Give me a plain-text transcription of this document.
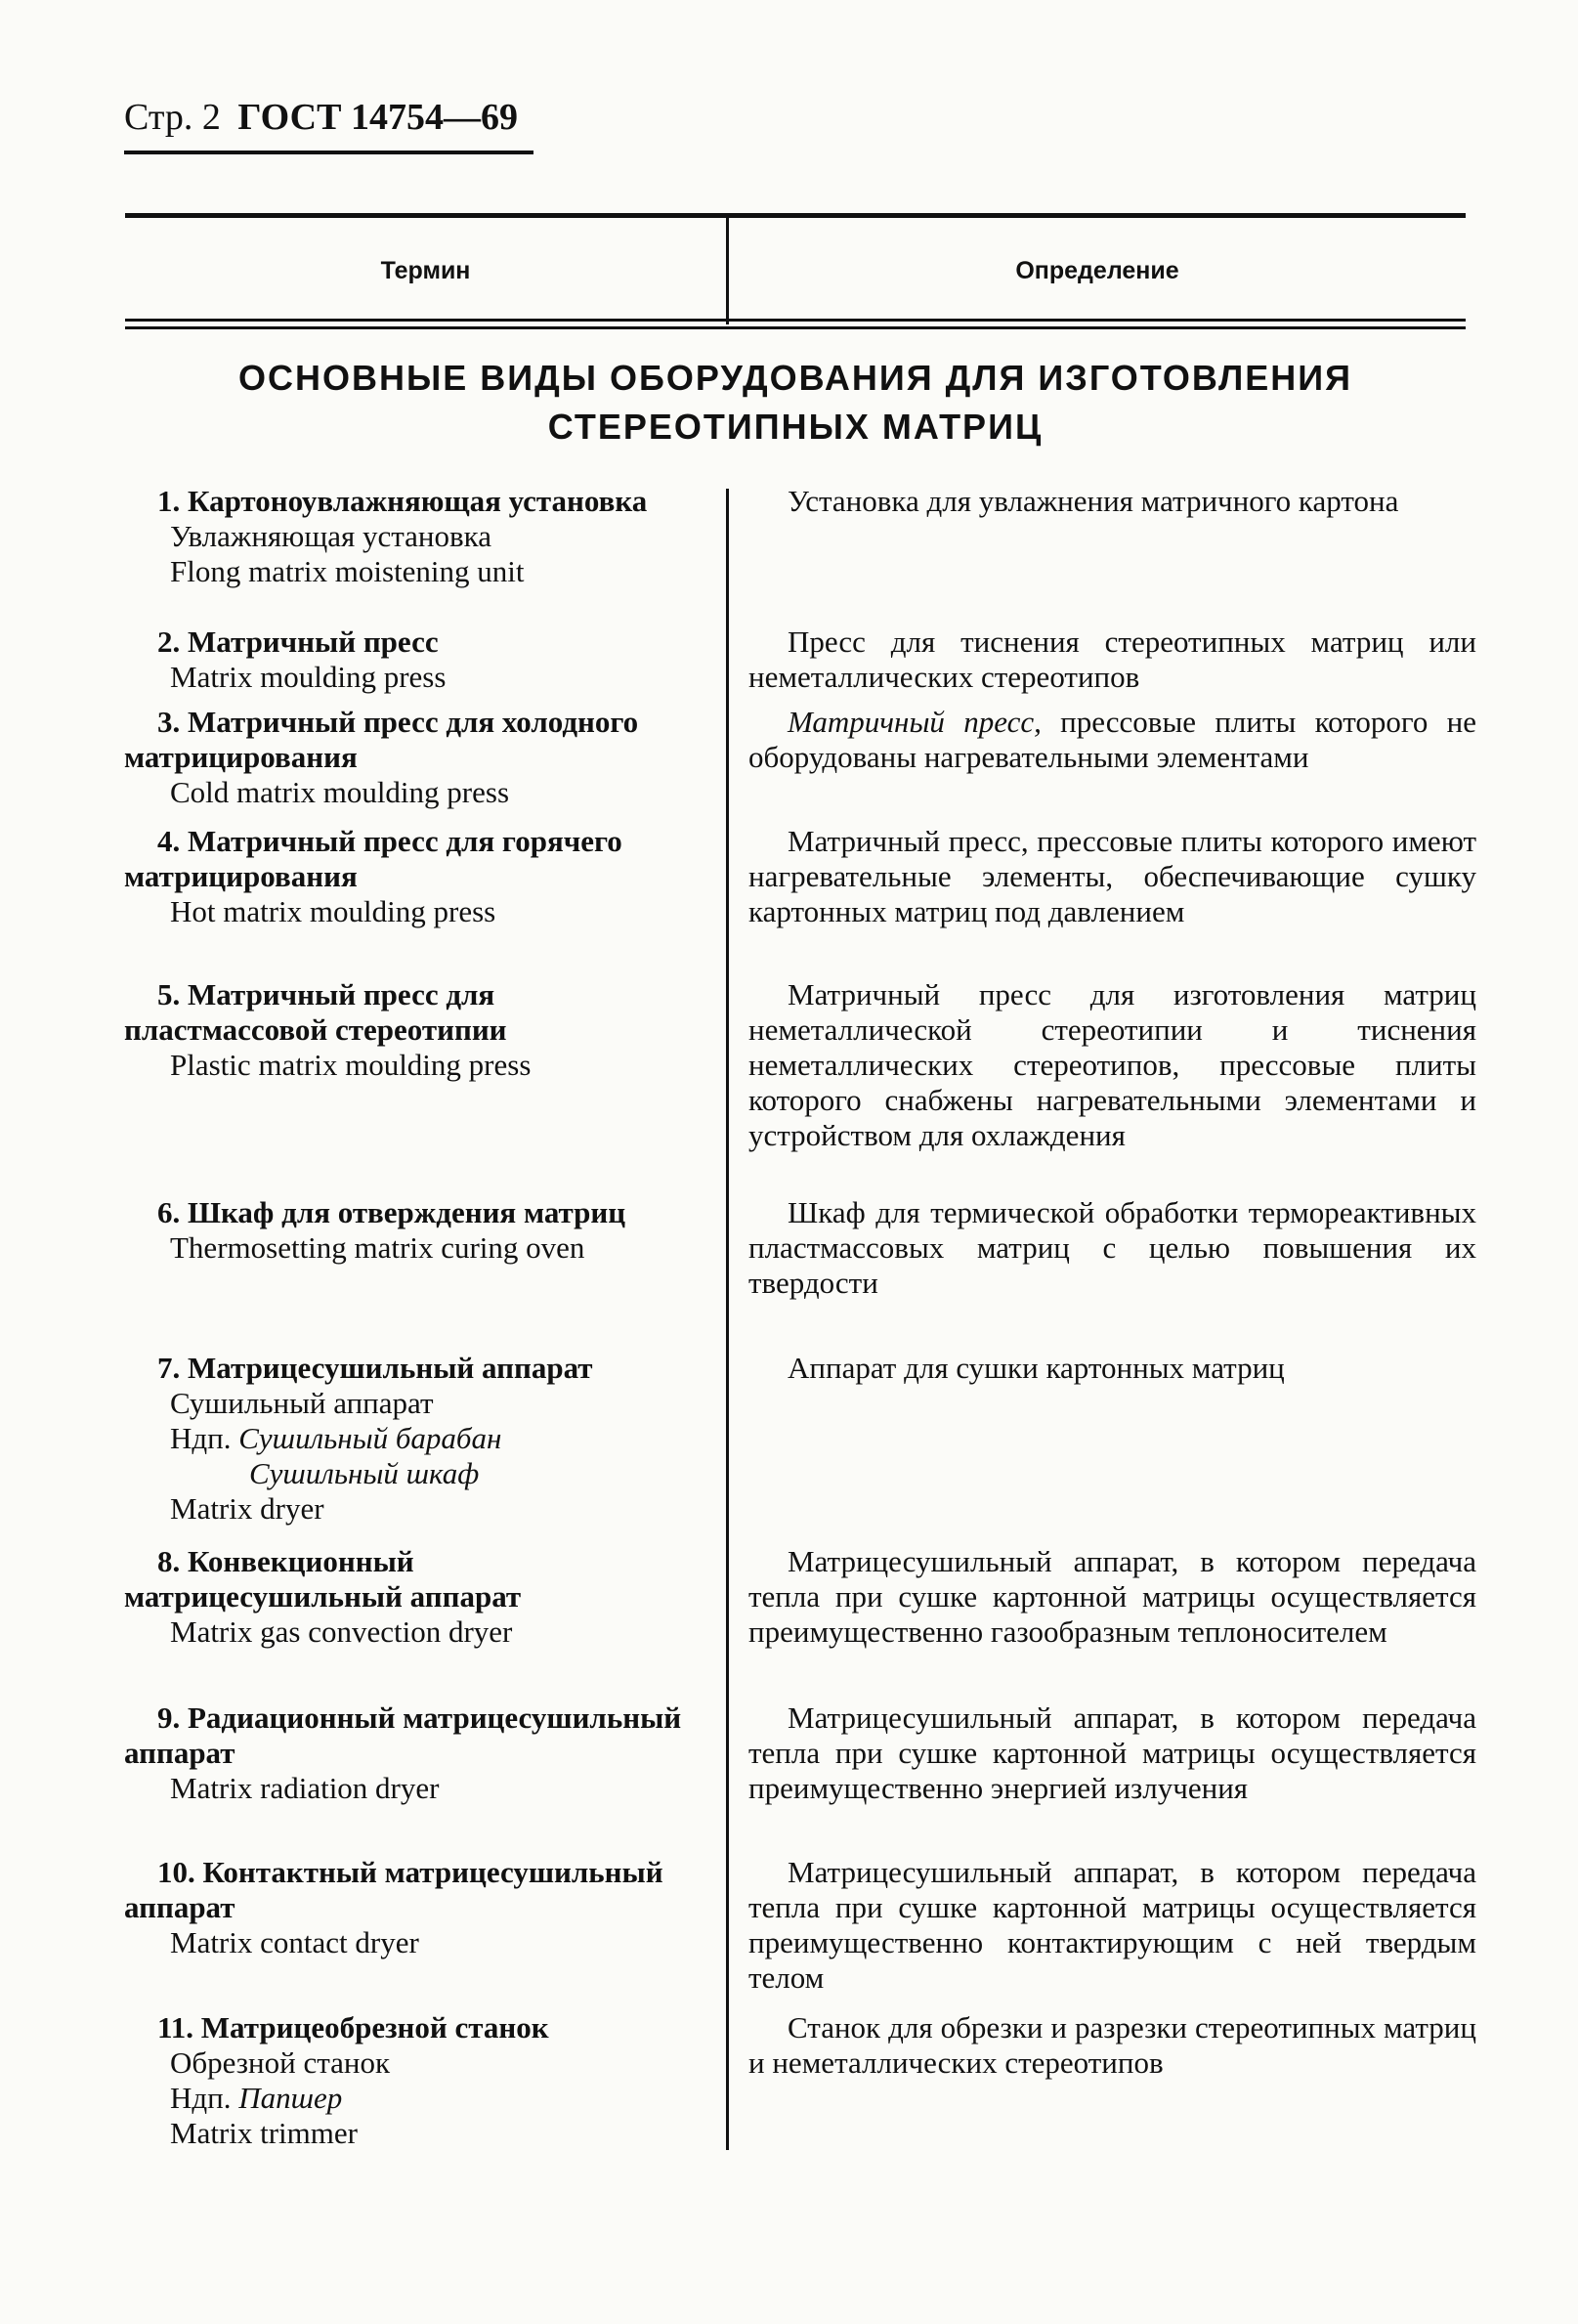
Стр. 2 ГОСТ 14754—69
Термин	Определение
ОСНОВНЫЕ ВИДЫ ОБОРУДОВАНИЯ ДЛЯ ИЗГОТОВЛЕНИЯ
СТЕРЕОТИПНЫХ МАТРИЦ
1. Картоноувлажняющая установка
Увлажняющая установка
Flong matrix moistening unit

Установка для увлажнения матричного картона

2. Матричный пресс
Matrix moulding press

Пресс для тиснения стереотипных матриц или неметаллических стереотипов

3. Матричный пресс для холодного матрицирования
Cold matrix moulding press

Матричный пресс, прессовые плиты которого не оборудованы нагревательными элементами

4. Матричный пресс для горячего матрицирования
Hot matrix moulding press

Матричный пресс, прессовые плиты которого имеют нагревательные элементы, обеспечивающие сушку картонных матриц под давлением

5. Матричный пресс для пластмассовой стереотипии
Plastic matrix moulding press

Матричный пресс для изготовления матриц неметаллической стереотипии и тиснения неметаллических стереотипов, прессовые плиты которого снабжены нагревательными элементами и устройством для охлаждения

6. Шкаф для отверждения матриц
Thermosetting matrix curing oven

Шкаф для термической обработки термореактивных пластмассовых матриц с целью повышения их твердости

7. Матрицесушильный аппарат
Сушильный аппарат
Ндп. Сушильный барабан
Сушильный шкаф
Matrix dryer

Аппарат для сушки картонных матриц

8. Конвекционный матрицесушильный аппарат
Matrix gas convection dryer

Матрицесушильный аппарат, в котором передача тепла при сушке картонной матрицы осуществляется преимущественно газообразным теплоносителем

9. Радиационный матрицесушильный аппарат
Matrix radiation dryer

Матрицесушильный аппарат, в котором передача тепла при сушке картонной матрицы осуществляется преимущественно энергией излучения

10. Контактный матрицесушильный аппарат
Matrix contact dryer

Матрицесушильный аппарат, в котором передача тепла при сушке картонной матрицы осуществляется преимущественно контактирующим с ней твердым телом

11. Матрицеобрезной станок
Обрезной станок
Ндп. Папшер
Matrix trimmer

Станок для обрезки и разрезки стереотипных матриц и неметаллических стереотипов
